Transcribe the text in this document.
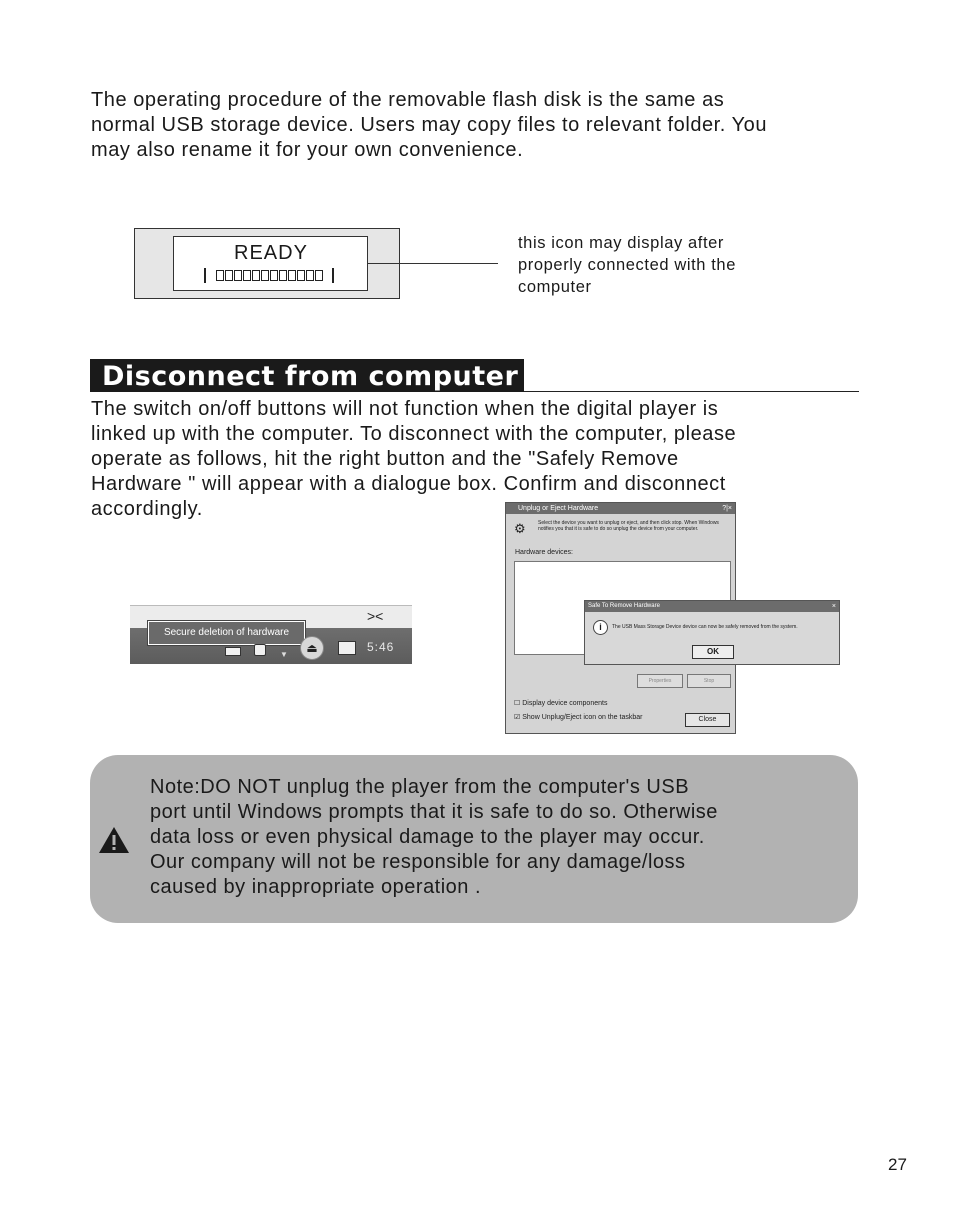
The operating procedure of the removable flash disk is the same as
normal USB storage device. Users may copy files to relevant folder. You
may also rename it for your own convenience.

READY	this icon may display after
properly connected with the
computer

Disconnect from computer

The switch on/off buttons will not function when the digital player is
linked up with the computer. To disconnect with the computer, please
operate as follows, hit the right button and the "Safely Remove
Hardware " will appear with a dialogue box. Confirm and disconnect
accordingly.

><
Secure deletion of hardware
▼	⏏	5:46
Unplug or Eject Hardware	?|×
⚙ Select the device you want to unplug or eject, and then click stop. When Windows notifies you that it is safe to do so unplug the device from your computer.
Hardware devices:
Properties	Stop
☐ Display device components
☑ Show Unplug/Eject icon on the taskbar	Close
Safe To Remove Hardware	×
i	The USB Mass Storage Device device can now be safely removed from the system.
OK

Note:DO NOT unplug the player from the computer's USB
port until Windows prompts that it is safe to do so. Otherwise
data loss or even physical damage to the player may occur.
Our company will not be responsible for any damage/loss
caused by inappropriate operation .

27
